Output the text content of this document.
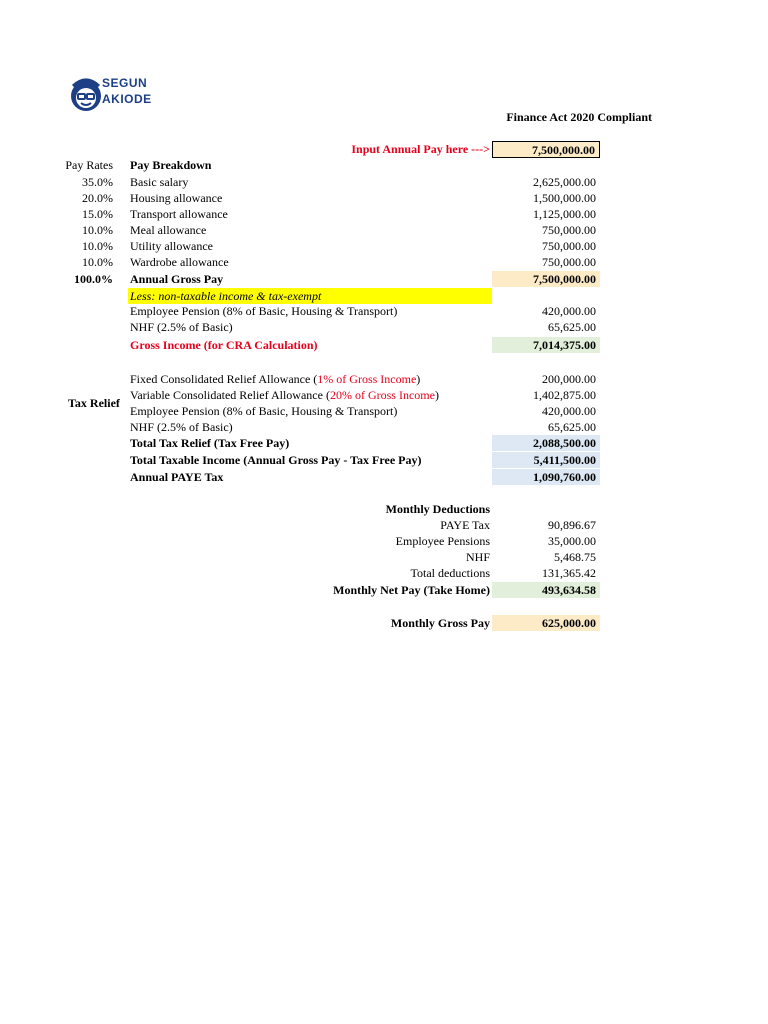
SEGUN
AKIODE
Finance Act 2020 Compliant
Input Annual Pay here --->	7,500,000.00
Pay Rates Pay Breakdown
35.0% Basic salary	2,625,000.00
20.0% Housing allowance	1,500,000.00
15.0% Transport allowance	1,125,000.00
10.0% Meal allowance	750,000.00
10.0% Utility allowance	750,000.00
10.0% Wardrobe allowance	750,000.00
100.0% Annual Gross Pay	7,500,000.00
Less: non-taxable income & tax-exempt
Employee Pension (8% of Basic, Housing & Transport)	420,000.00
NHF (2.5% of Basic)	65,625.00
Gross Income (for CRA Calculation)	7,014,375.00
Tax Relief
Fixed Consolidated Relief Allowance (1% of Gross Income)	200,000.00
Variable Consolidated Relief Allowance (20% of Gross Income)	1,402,875.00
Employee Pension (8% of Basic, Housing & Transport)	420,000.00
NHF (2.5% of Basic)	65,625.00
Total Tax Relief (Tax Free Pay)	2,088,500.00
Total Taxable Income (Annual Gross Pay - Tax Free Pay)	5,411,500.00
Annual PAYE Tax	1,090,760.00
Monthly Deductions
PAYE Tax	90,896.67
Employee Pensions	35,000.00
NHF	5,468.75
Total deductions	131,365.42
Monthly Net Pay (Take Home)	493,634.58
Monthly Gross Pay	625,000.00
